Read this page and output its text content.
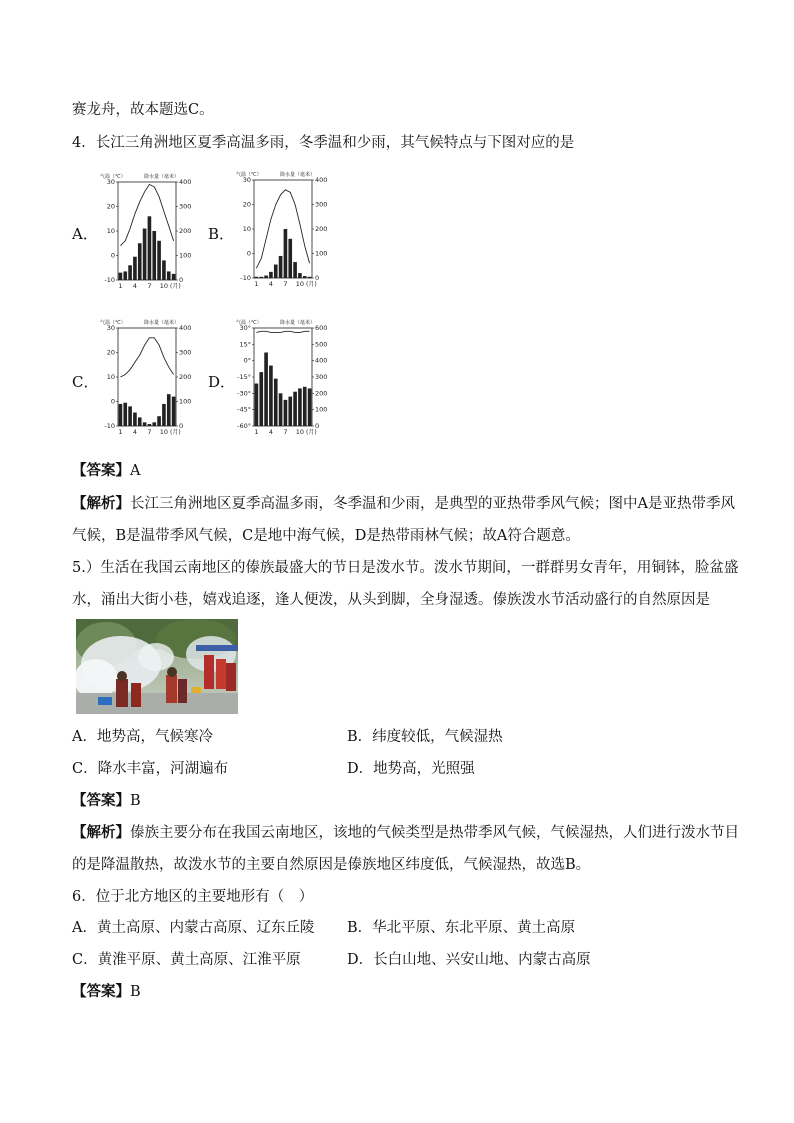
赛龙舟，故本题选C。
4．长江三角洲地区夏季高温多雨，冬季温和少雨，其气候特点与下图对应的是
A．
气温（℃）	降水量（毫米）
30
20
10
0
-10
400
300
200
100
0
1 4 7 10 (月)
B．
气温（℃）	降水量（毫米）
30
20
10
0
-10
400
300
200
100
0
1 4 7 10 (月)
C．
气温（℃）	降水量（毫米）
30
20
10
0
-10
400
300
200
100
0
1 4 7 10 (月)
D．
气温（℃）	降水量（毫米）
30°
15°
0°
-15°
-30°
-45°
-60°
600
500
400
300
200
100
0
1 4 7 10 (月)
【答案】A
【解析】长江三角洲地区夏季高温多雨，冬季温和少雨，是典型的亚热带季风气候；图中A是亚热带季风
气候，B是温带季风气候，C是地中海气候，D是热带雨林气候；故A符合题意。
5.）生活在我国云南地区的傣族最盛大的节日是泼水节。泼水节期间，一群群男女青年，用铜钵，脸盆盛
水，涌出大街小巷，嬉戏追逐，逢人便泼，从头到脚，全身湿透。傣族泼水节活动盛行的自然原因是
A．地势高，气候寒冷	B．纬度较低，气候湿热
C．降水丰富，河湖遍布	D．地势高，光照强
【答案】B
【解析】傣族主要分布在我国云南地区，该地的气候类型是热带季风气候，气候湿热，人们进行泼水节目
的是降温散热，故泼水节的主要自然原因是傣族地区纬度低，气候湿热，故选B。
6．位于北方地区的主要地形有（　）
A．黄土高原、内蒙古高原、辽东丘陵 B．华北平原、东北平原、黄土高原
C．黄淮平原、黄土高原、江淮平原	D．长白山地、兴安山地、内蒙古高原
【答案】B
